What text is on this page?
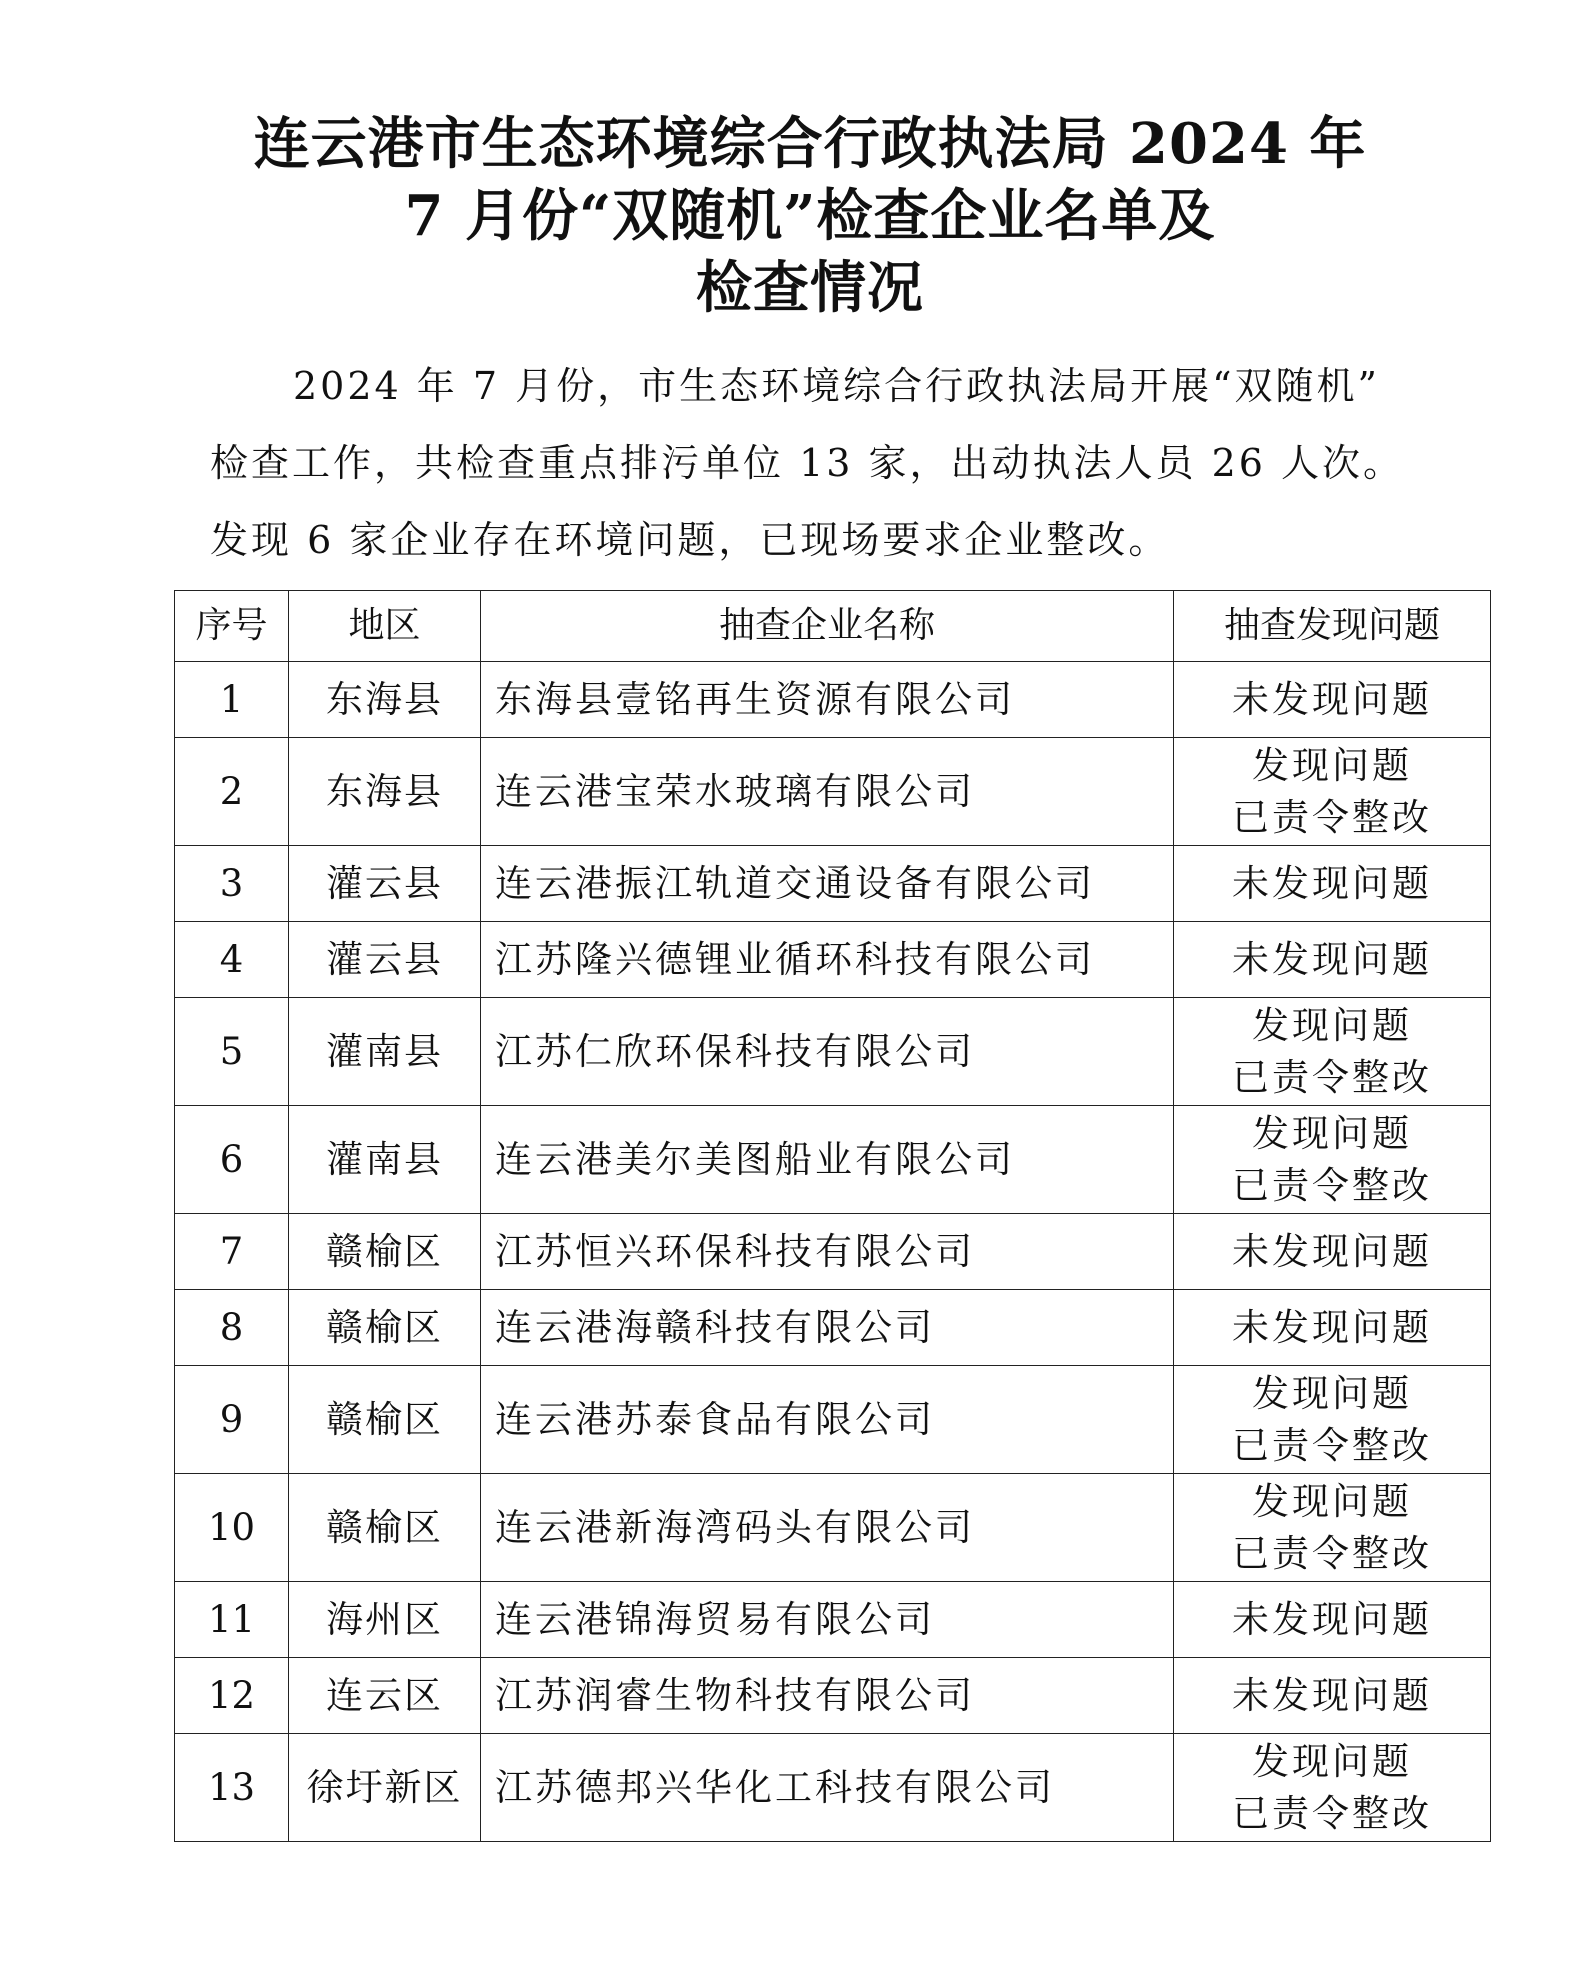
连云港市生态环境综合行政执法局 2024 年
7 月份“双随机”检查企业名单及
检查情况

2024 年 7 月份，市生态环境综合行政执法局开展“双随机”

检查工作，共检查重点排污单位 13 家，出动执法人员 26 人次。

发现 6 家企业存在环境问题，已现场要求企业整改。

序号	地区	抽查企业名称	抽查发现问题
1	东海县	东海县壹铭再生资源有限公司	未发现问题

2	东海县	连云港宝荣水玻璃有限公司	发现问题
已责令整改

3	灌云县	连云港振江轨道交通设备有限公司	未发现问题

4	灌云县	江苏隆兴德锂业循环科技有限公司	未发现问题

5	灌南县	江苏仁欣环保科技有限公司	发现问题
已责令整改

6	灌南县	连云港美尔美图船业有限公司	发现问题
已责令整改

7	赣榆区	江苏恒兴环保科技有限公司	未发现问题

8	赣榆区	连云港海赣科技有限公司	未发现问题

9	赣榆区	连云港苏泰食品有限公司	发现问题
已责令整改

10	赣榆区	连云港新海湾码头有限公司	发现问题
已责令整改

11	海州区	连云港锦海贸易有限公司	未发现问题

12	连云区	江苏润睿生物科技有限公司	未发现问题

13	徐圩新区	江苏德邦兴华化工科技有限公司	发现问题
已责令整改
